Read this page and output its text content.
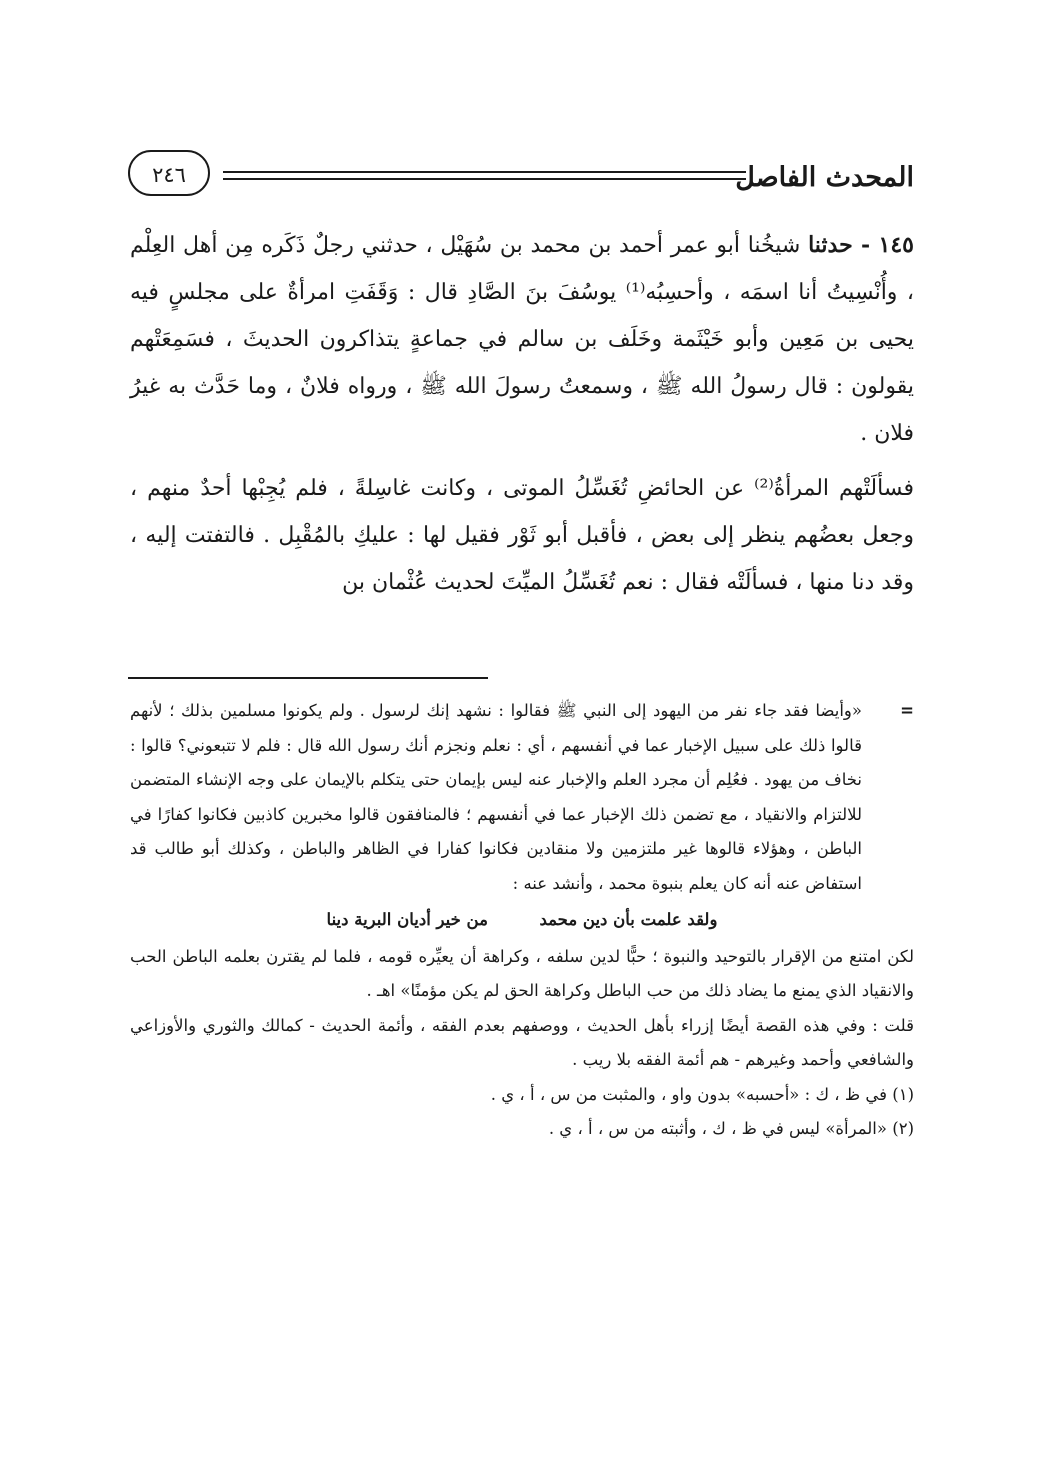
المحدث الفاصل
٢٤٦

١٤٥ - حدثنا شيخُنا أبو عمر أحمد بن محمد بن سُهَيْل ، حدثني رجلٌ ذَكَره مِن أهل العِلْم ، وأُنْسِيتُ أنا اسمَه ، وأحسِبُه⁽¹⁾ يوسُفَ بنَ الصَّادِ قال : وَقَفَتِ امرأةٌ على مجلسٍ فيه يحيى بن مَعِين وأبو خَيْثَمة وخَلَف بن سالم في جماعةٍ يتذاكرون الحديثَ ، فسَمِعَتْهم يقولون : قال رسولُ الله ﷺ ، وسمعتُ رسولَ الله ﷺ ، ورواه فلانٌ ، وما حَدَّث به غيرُ فلان .

فسألَتْهم المرأةُ⁽²⁾ عن الحائضِ تُغَسِّلُ الموتى ، وكانت غاسِلةً ، فلم يُجِبْها أحدٌ منهم ، وجعل بعضُهم ينظر إلى بعض ، فأقبل أبو ثَوْر فقيل لها : عليكِ بالمُقْبِل . فالتفتت إليه ، وقد دنا منها ، فسألَتْه فقال : نعم تُغَسِّلُ الميِّتَ لحديث عُثْمان بن

=

«وأيضا فقد جاء نفر من اليهود إلى النبي ﷺ فقالوا : نشهد إنك لرسول . ولم يكونوا مسلمين بذلك ؛ لأنهم قالوا ذلك على سبيل الإخبار عما في أنفسهم ، أي : نعلم ونجزم أنك رسول الله قال : فلم لا تتبعوني؟ قالوا : نخاف من يهود . فعُلِم أن مجرد العلم والإخبار عنه ليس بإيمان حتى يتكلم بالإيمان على وجه الإنشاء المتضمن للالتزام والانقياد ، مع تضمن ذلك الإخبار عما في أنفسهم ؛ فالمنافقون قالوا مخبرين كاذبين فكانوا كفارًا في الباطن ، وهؤلاء قالوها غير ملتزمين ولا منقادين فكانوا كفارا في الظاهر والباطن ، وكذلك أبو طالب قد استفاض عنه أنه كان يعلم بنبوة محمد ، وأنشد عنه :

ولقد علمت بأن دين محمد  من خير أديان البرية دينا

لكن امتنع من الإقرار بالتوحيد والنبوة ؛ حبًّا لدين سلفه ، وكراهة أن يعيِّره قومه ، فلما لم يقترن بعلمه الباطن الحب والانقياد الذي يمنع ما يضاد ذلك من حب الباطل وكراهة الحق لم يكن مؤمنًا» اهـ .

قلت : وفي هذه القصة أيضًا إزراء بأهل الحديث ، ووصفهم بعدم الفقه ، وأئمة الحديث - كمالك والثوري والأوزاعي والشافعي وأحمد وغيرهم - هم أئمة الفقه بلا ريب .

(١) في ظ ، ك : «أحسبه» بدون واو ، والمثبت من س ، أ ، ي .

(٢) «المرأة» ليس في ظ ، ك ، وأثبته من س ، أ ، ي .
